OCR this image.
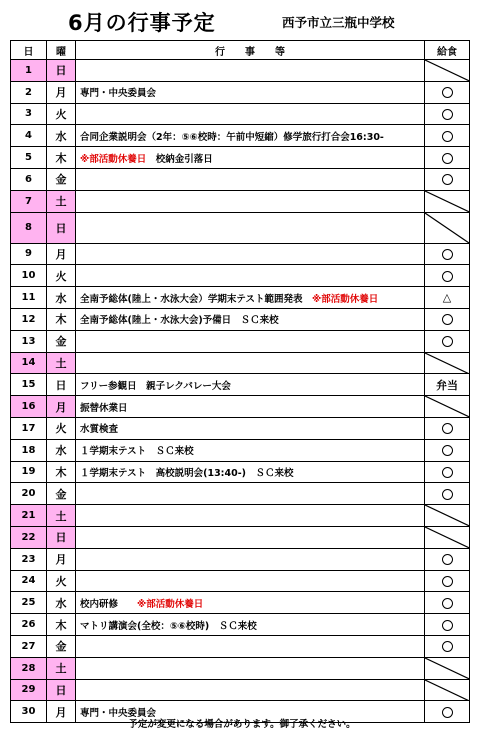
6月の行事予定	西予市立三瓶中学校
日	曜	行　　事　　等	給食
1	日		

2	月	専門・中央委員会	
3	火		
4	水	合同企業説明会（2年：⑤⑥校時：午前中短縮）修学旅行打合会16:30-	
5	木	※部活動休養日　校納金引落日	
6	金		
7	土		

8	日		

9	月		
10	火		
11	水	全南予総体(陸上・水泳大会）学期末テスト範囲発表　※部活動休養日	△
12	木	全南予総体(陸上・水泳大会)予備日　ＳＣ来校	
13	金		
14	土		

15	日	フリー参観日　親子レクバレー大会	弁当
16	月	振替休業日	

17	火	水質検査	
18	水	１学期末テスト　ＳＣ来校	
19	木	１学期末テスト　高校説明会(13:40-)　ＳＣ来校	
20	金		
21	土		

22	日		

23	月		
24	火		
25	水	校内研修　　※部活動休養日	
26	木	マトリ講演会(全校：⑤⑥校時)　ＳＣ来校	
27	金		
28	土		

29	日		

30	月	専門・中央委員会	
予定が変更になる場合があります。御了承ください。
